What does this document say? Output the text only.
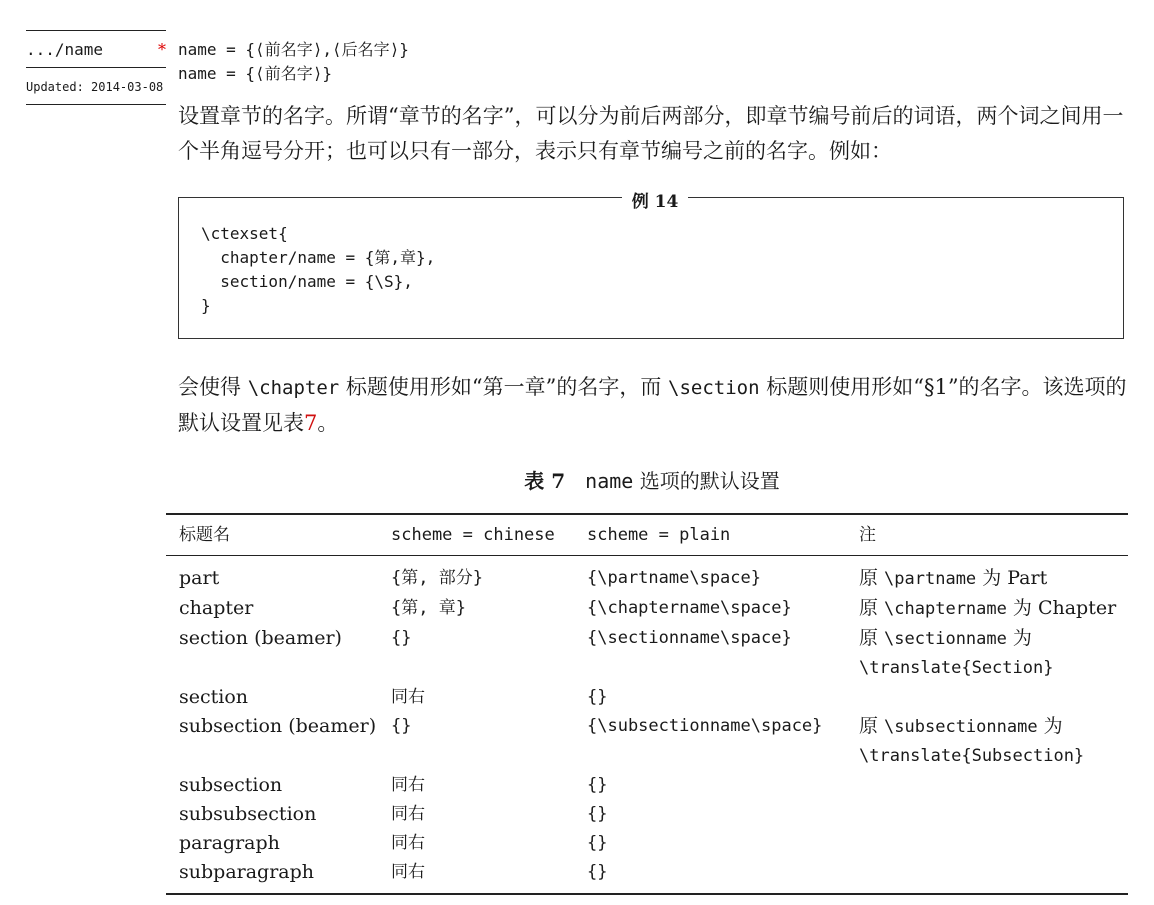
.../name	*
Updated: 2014-03-08
name = {⟨前名字⟩,⟨后名字⟩}
name = {⟨前名字⟩}
设置章节的名字。所谓“章节的名字”，可以分为前后两部分，即章节编号前后的词语，两个词之间用一个半角逗号分开；也可以只有一部分，表示只有章节编号之前的名字。例如：
例 14
\ctexset{
chapter/name = {第,章},
section/name = {\S},
}
会使得 \chapter 标题使用形如“第一章”的名字，而 \section 标题则使用形如“§1”的名字。该选项的默认设置见表7。
表 7 name 选项的默认设置
标题名	scheme = chinese	scheme = plain	注
part	{第, 部分}	{\partname\space}	原 \partname 为 Part

chapter	{第, 章}	{\chaptername\space}	原 \chaptername 为 Chapter

section (beamer)	{}	{\sectionname\space}	原 \sectionname 为
\translate{Section}

section	同右	{}	

subsection (beamer)	{}	{\subsectionname\space}	原 \subsectionname 为
\translate{Subsection}

subsection	同右	{}	

subsubsection	同右	{}	

paragraph	同右	{}	

subparagraph	同右	{}	
